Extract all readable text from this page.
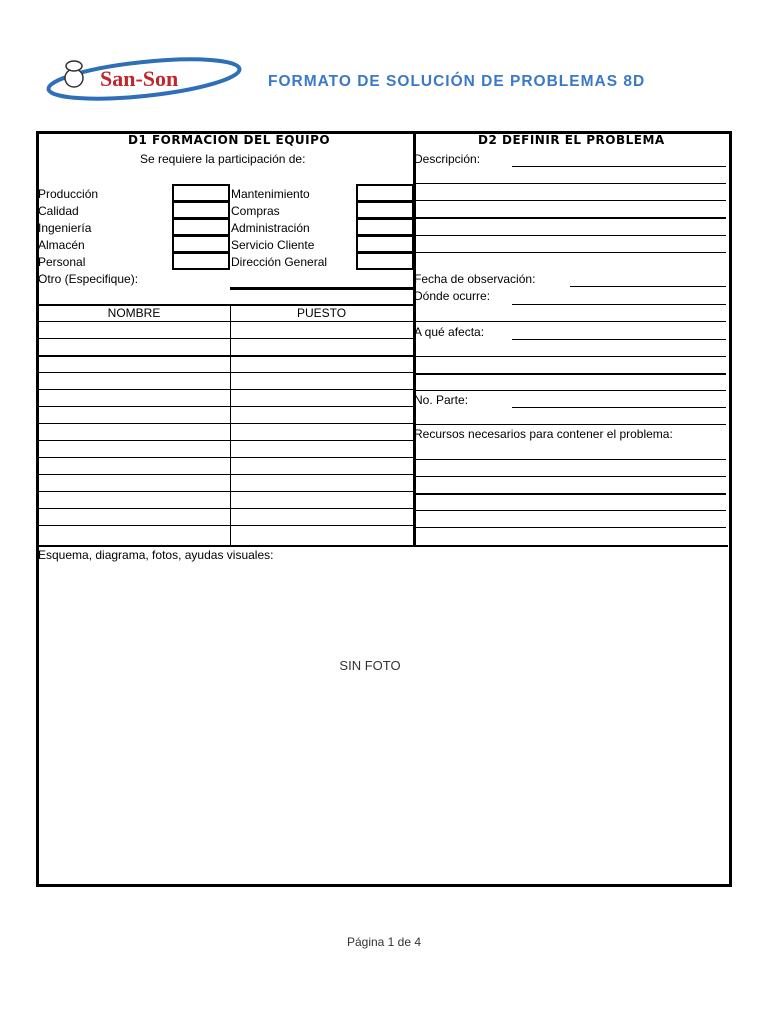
San-Son	FORMATO DE SOLUCIÓN DE PROBLEMAS 8D
D1 FORMACION DEL EQUIPO
Se requiere la participación de:
Producción
Calidad
Ingeniería
Almacén
Personal
Otro (Especifique):
Mantenimiento
Compras
Administración
Servicio Cliente
Dirección General
NOMBRE	PUESTO
D2 DEFINIR EL PROBLEMA
Descripción:
Fecha de observación:
Dónde ocurre:
A qué afecta:
No. Parte:
Recursos necesarios para contener el problema:
Esquema, diagrama, fotos, ayudas visuales:
SIN FOTO
Página 1 de 4
